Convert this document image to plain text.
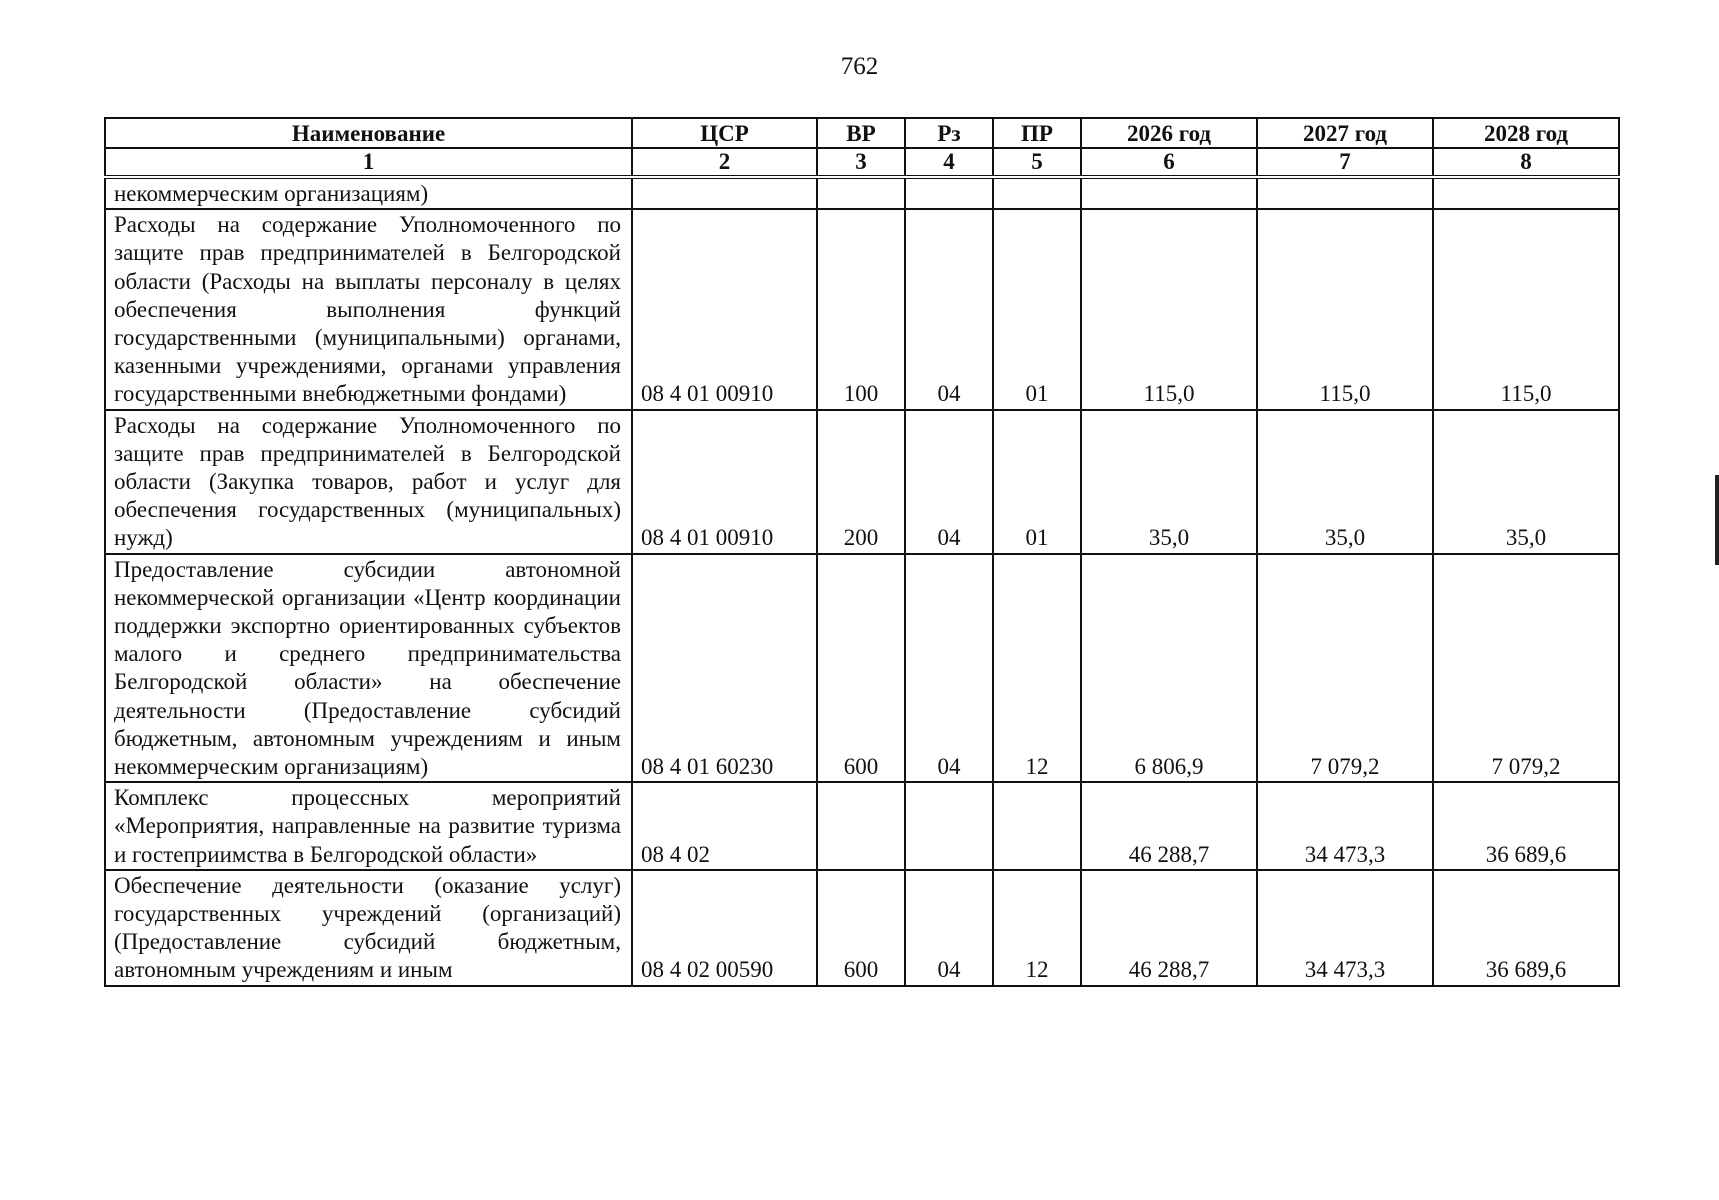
762
Наименование	ЦСР	ВР	Рз	ПР	2026 год	2027 год	2028 год
1	2	3	4	5	6	7	8
некоммерческим организациям)							
Расходы на содержание Уполномоченного по защите прав предпринимателей в Белгородской области (Расходы на выплаты персоналу в целях обеспечения выполнения функций государственными (муниципальными) органами, казенными учреждениями, органами управления государственными внебюджетными фондами)	08 4 01 00910	100	04	01	115,0	115,0	115,0
Расходы на содержание Уполномоченного по защите прав предпринимателей в Белгородской области (Закупка товаров, работ и услуг для обеспечения государственных (муниципальных) нужд)	08 4 01 00910	200	04	01	35,0	35,0	35,0
Предоставление субсидии автономной некоммерческой организации «Центр координации поддержки экспортно ориентированных субъектов малого и среднего предпринимательства Белгородской области» на обеспечение деятельности (Предоставление субсидий бюджетным, автономным учреждениям и иным некоммерческим организациям)	08 4 01 60230	600	04	12	6 806,9	7 079,2	7 079,2
Комплекс процессных мероприятий «Мероприятия, направленные на развитие туризма и гостеприимства в Белгородской области»	08 4 02				46 288,7	34 473,3	36 689,6
Обеспечение деятельности (оказание услуг) государственных учреждений (организаций) (Предоставление субсидий бюджетным, автономным учреждениям и иным	08 4 02 00590	600	04	12	46 288,7	34 473,3	36 689,6
